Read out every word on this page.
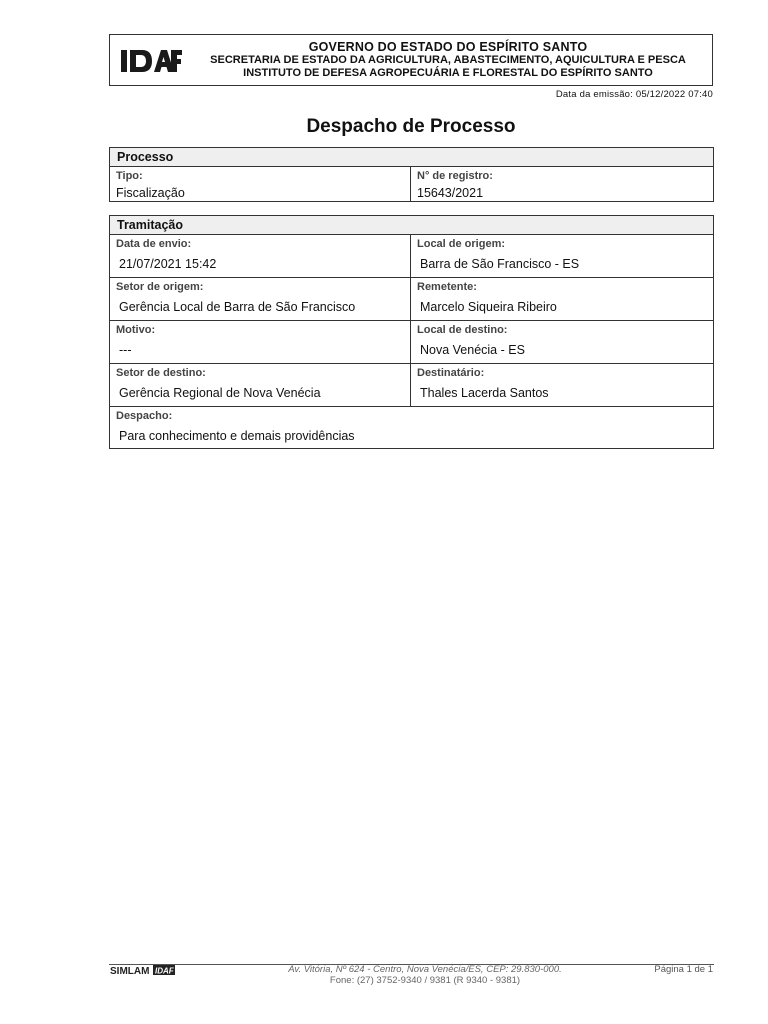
GOVERNO DO ESTADO DO ESPÍRITO SANTO
SECRETARIA DE ESTADO DA AGRICULTURA, ABASTECIMENTO, AQUICULTURA E PESCA
INSTITUTO DE DEFESA AGROPECUÁRIA E FLORESTAL DO ESPÍRITO SANTO
Data da emissão: 05/12/2022 07:40
Despacho de Processo
Processo
Tipo:
Fiscalização
N° de registro:
15643/2021
Tramitação
Data de envio:
21/07/2021 15:42
Local de origem:
Barra de São Francisco - ES
Setor de origem:
Gerência Local de Barra de São Francisco
Remetente:
Marcelo Siqueira Ribeiro
Motivo:
---
Local de destino:
Nova Venécia - ES
Setor de destino:
Gerência Regional de Nova Venécia
Destinatário:
Thales Lacerda Santos
Despacho:
Para conhecimento e demais providências
SIMLAM IDAF	Av. Vitória, Nº 624 - Centro, Nova Venécia/ES, CEP: 29.830-000.
Fone: (27) 3752-9340 / 9381 (R 9340 - 9381)
Página 1 de 1
